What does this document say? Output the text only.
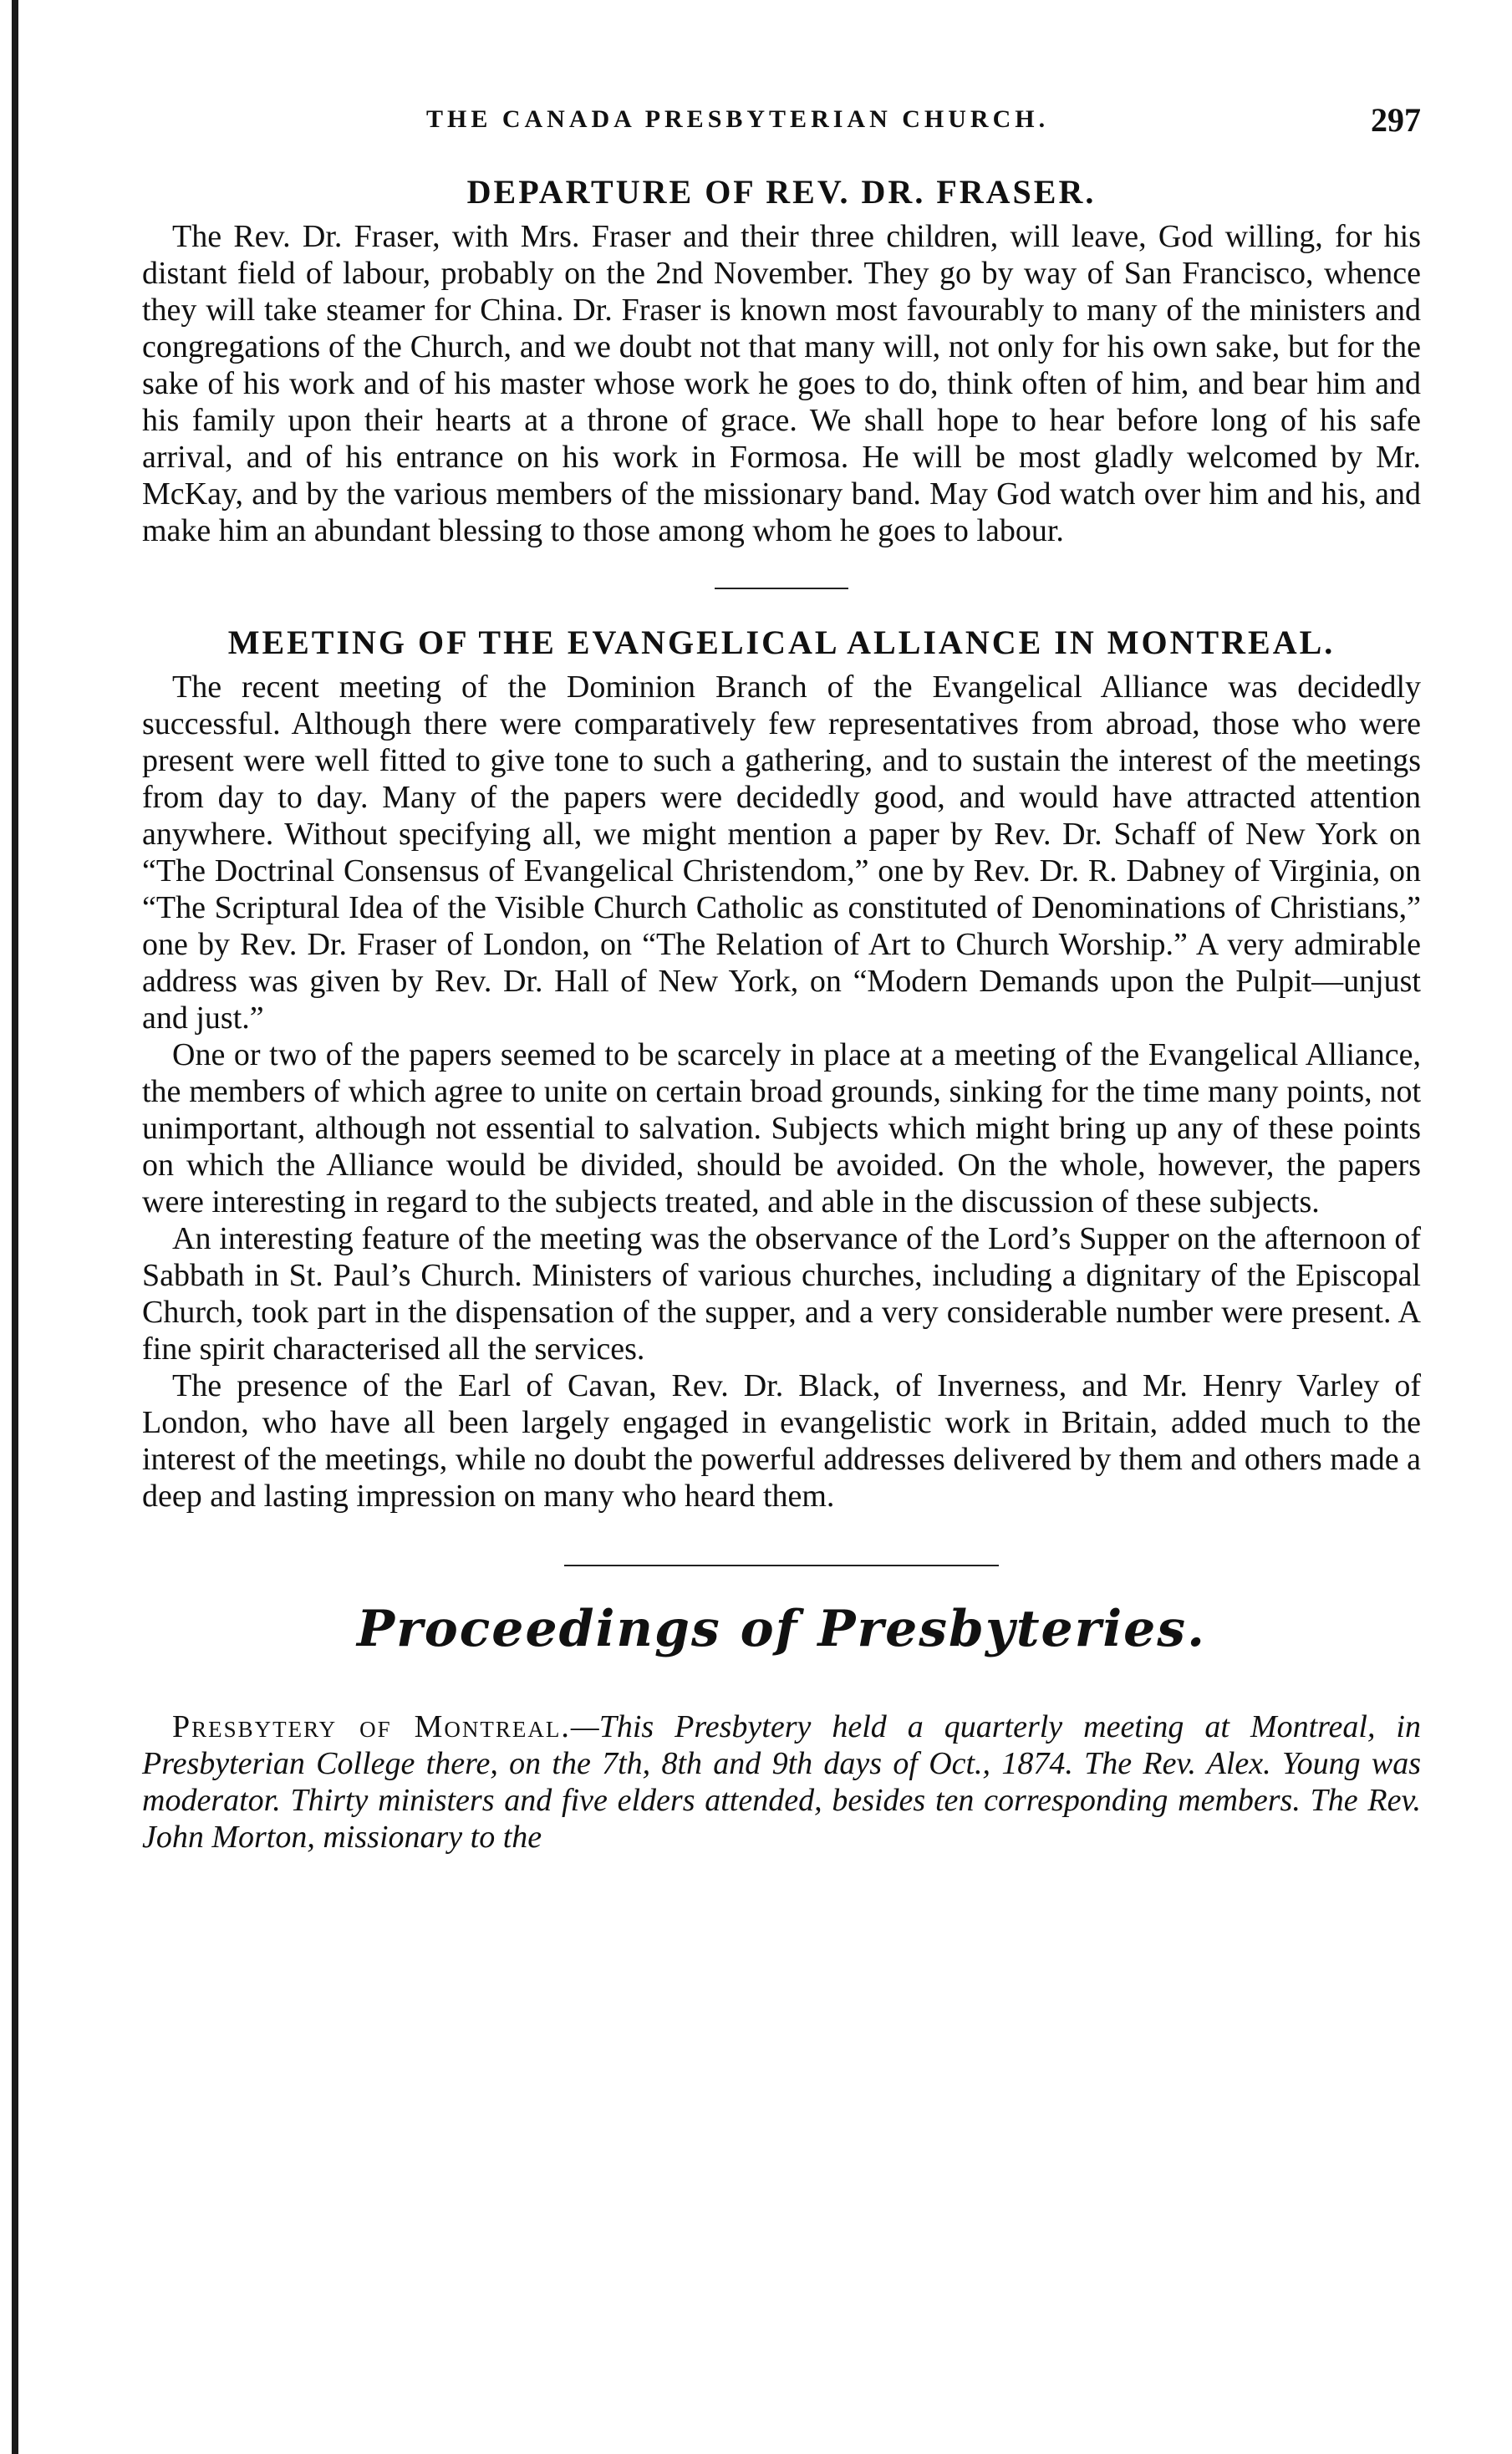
THE CANADA PRESBYTERIAN CHURCH.	297
DEPARTURE OF REV. DR. FRASER.

The Rev. Dr. Fraser, with Mrs. Fraser and their three children, will leave, God willing, for his distant field of labour, probably on the 2nd November. They go by way of San Francisco, whence they will take steamer for China. Dr. Fraser is known most favourably to many of the ministers and congregations of the Church, and we doubt not that many will, not only for his own sake, but for the sake of his work and of his master whose work he goes to do, think often of him, and bear him and his family upon their hearts at a throne of grace. We shall hope to hear before long of his safe arrival, and of his entrance on his work in Formosa. He will be most gladly welcomed by Mr. McKay, and by the various members of the missionary band. May God watch over him and his, and make him an abundant blessing to those among whom he goes to labour.

MEETING OF THE EVANGELICAL ALLIANCE IN MONTREAL.

The recent meeting of the Dominion Branch of the Evangelical Alliance was decidedly successful. Although there were comparatively few representatives from abroad, those who were present were well fitted to give tone to such a gathering, and to sustain the interest of the meetings from day to day. Many of the papers were decidedly good, and would have attracted attention anywhere. Without specifying all, we might mention a paper by Rev. Dr. Schaff of New York on “The Doctrinal Consensus of Evangelical Christendom,” one by Rev. Dr. R. Dabney of Virginia, on “The Scriptural Idea of the Visible Church Catholic as constituted of Denominations of Christians,” one by Rev. Dr. Fraser of London, on “The Relation of Art to Church Worship.” A very admirable address was given by Rev. Dr. Hall of New York, on “Modern Demands upon the Pulpit—unjust and just.”

One or two of the papers seemed to be scarcely in place at a meeting of the Evangelical Alliance, the members of which agree to unite on certain broad grounds, sinking for the time many points, not unimportant, although not essential to salvation. Subjects which might bring up any of these points on which the Alliance would be divided, should be avoided. On the whole, however, the papers were interesting in regard to the subjects treated, and able in the discussion of these subjects.

An interesting feature of the meeting was the observance of the Lord’s Supper on the afternoon of Sabbath in St. Paul’s Church. Ministers of various churches, including a dignitary of the Episcopal Church, took part in the dispensation of the supper, and a very considerable number were present. A fine spirit characterised all the services.

The presence of the Earl of Cavan, Rev. Dr. Black, of Inverness, and Mr. Henry Varley of London, who have all been largely engaged in evangelistic work in Britain, added much to the interest of the meetings, while no doubt the powerful addresses delivered by them and others made a deep and lasting impression on many who heard them.

Proceedings of Presbyteries.

Presbytery of Montreal.—This Presbytery held a quarterly meeting at Montreal, in Presbyterian College there, on the 7th, 8th and 9th days of Oct., 1874. The Rev. Alex. Young was moderator. Thirty ministers and five elders attended, besides ten corresponding members. The Rev. John Morton, missionary to the
